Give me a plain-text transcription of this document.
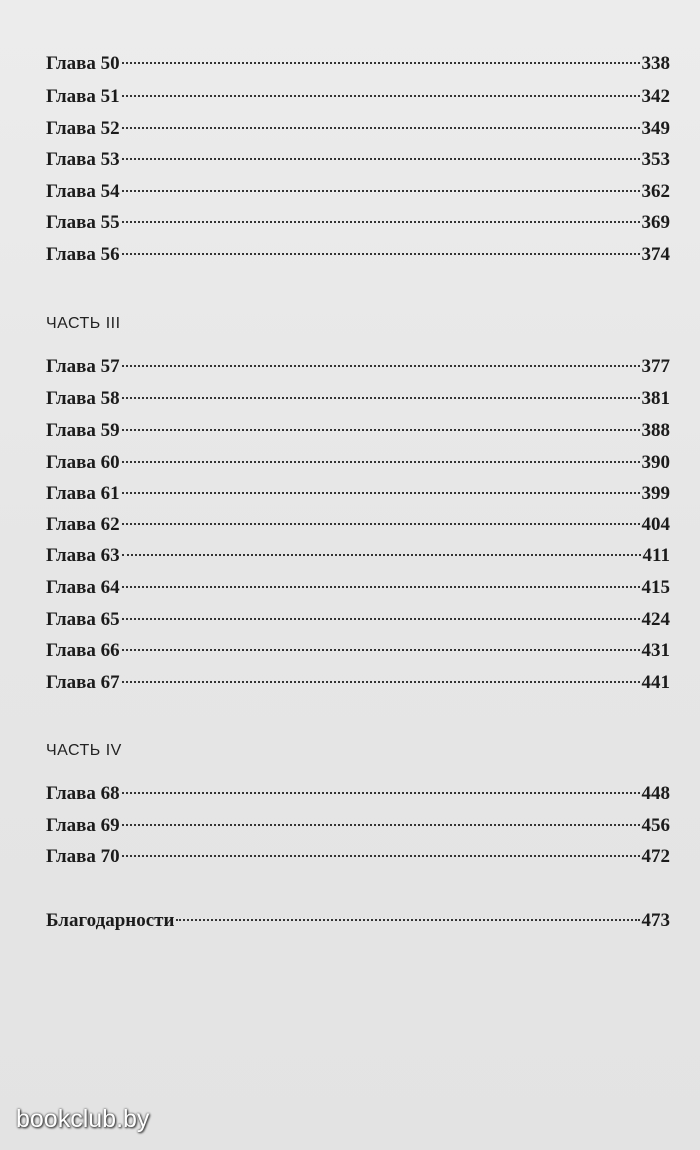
Глава 50	338
Глава 51	342
Глава 52	349
Глава 53	353
Глава 54	362
Глава 55	369
Глава 56	374
ЧАСТЬ III
Глава 57	377
Глава 58	381
Глава 59	388
Глава 60	390
Глава 61	399
Глава 62	404
Глава 63	411
Глава 64	415
Глава 65	424
Глава 66	431
Глава 67	441
ЧАСТЬ IV
Глава 68	448
Глава 69	456
Глава 70	472
Благодарности	473
bookclub.by
